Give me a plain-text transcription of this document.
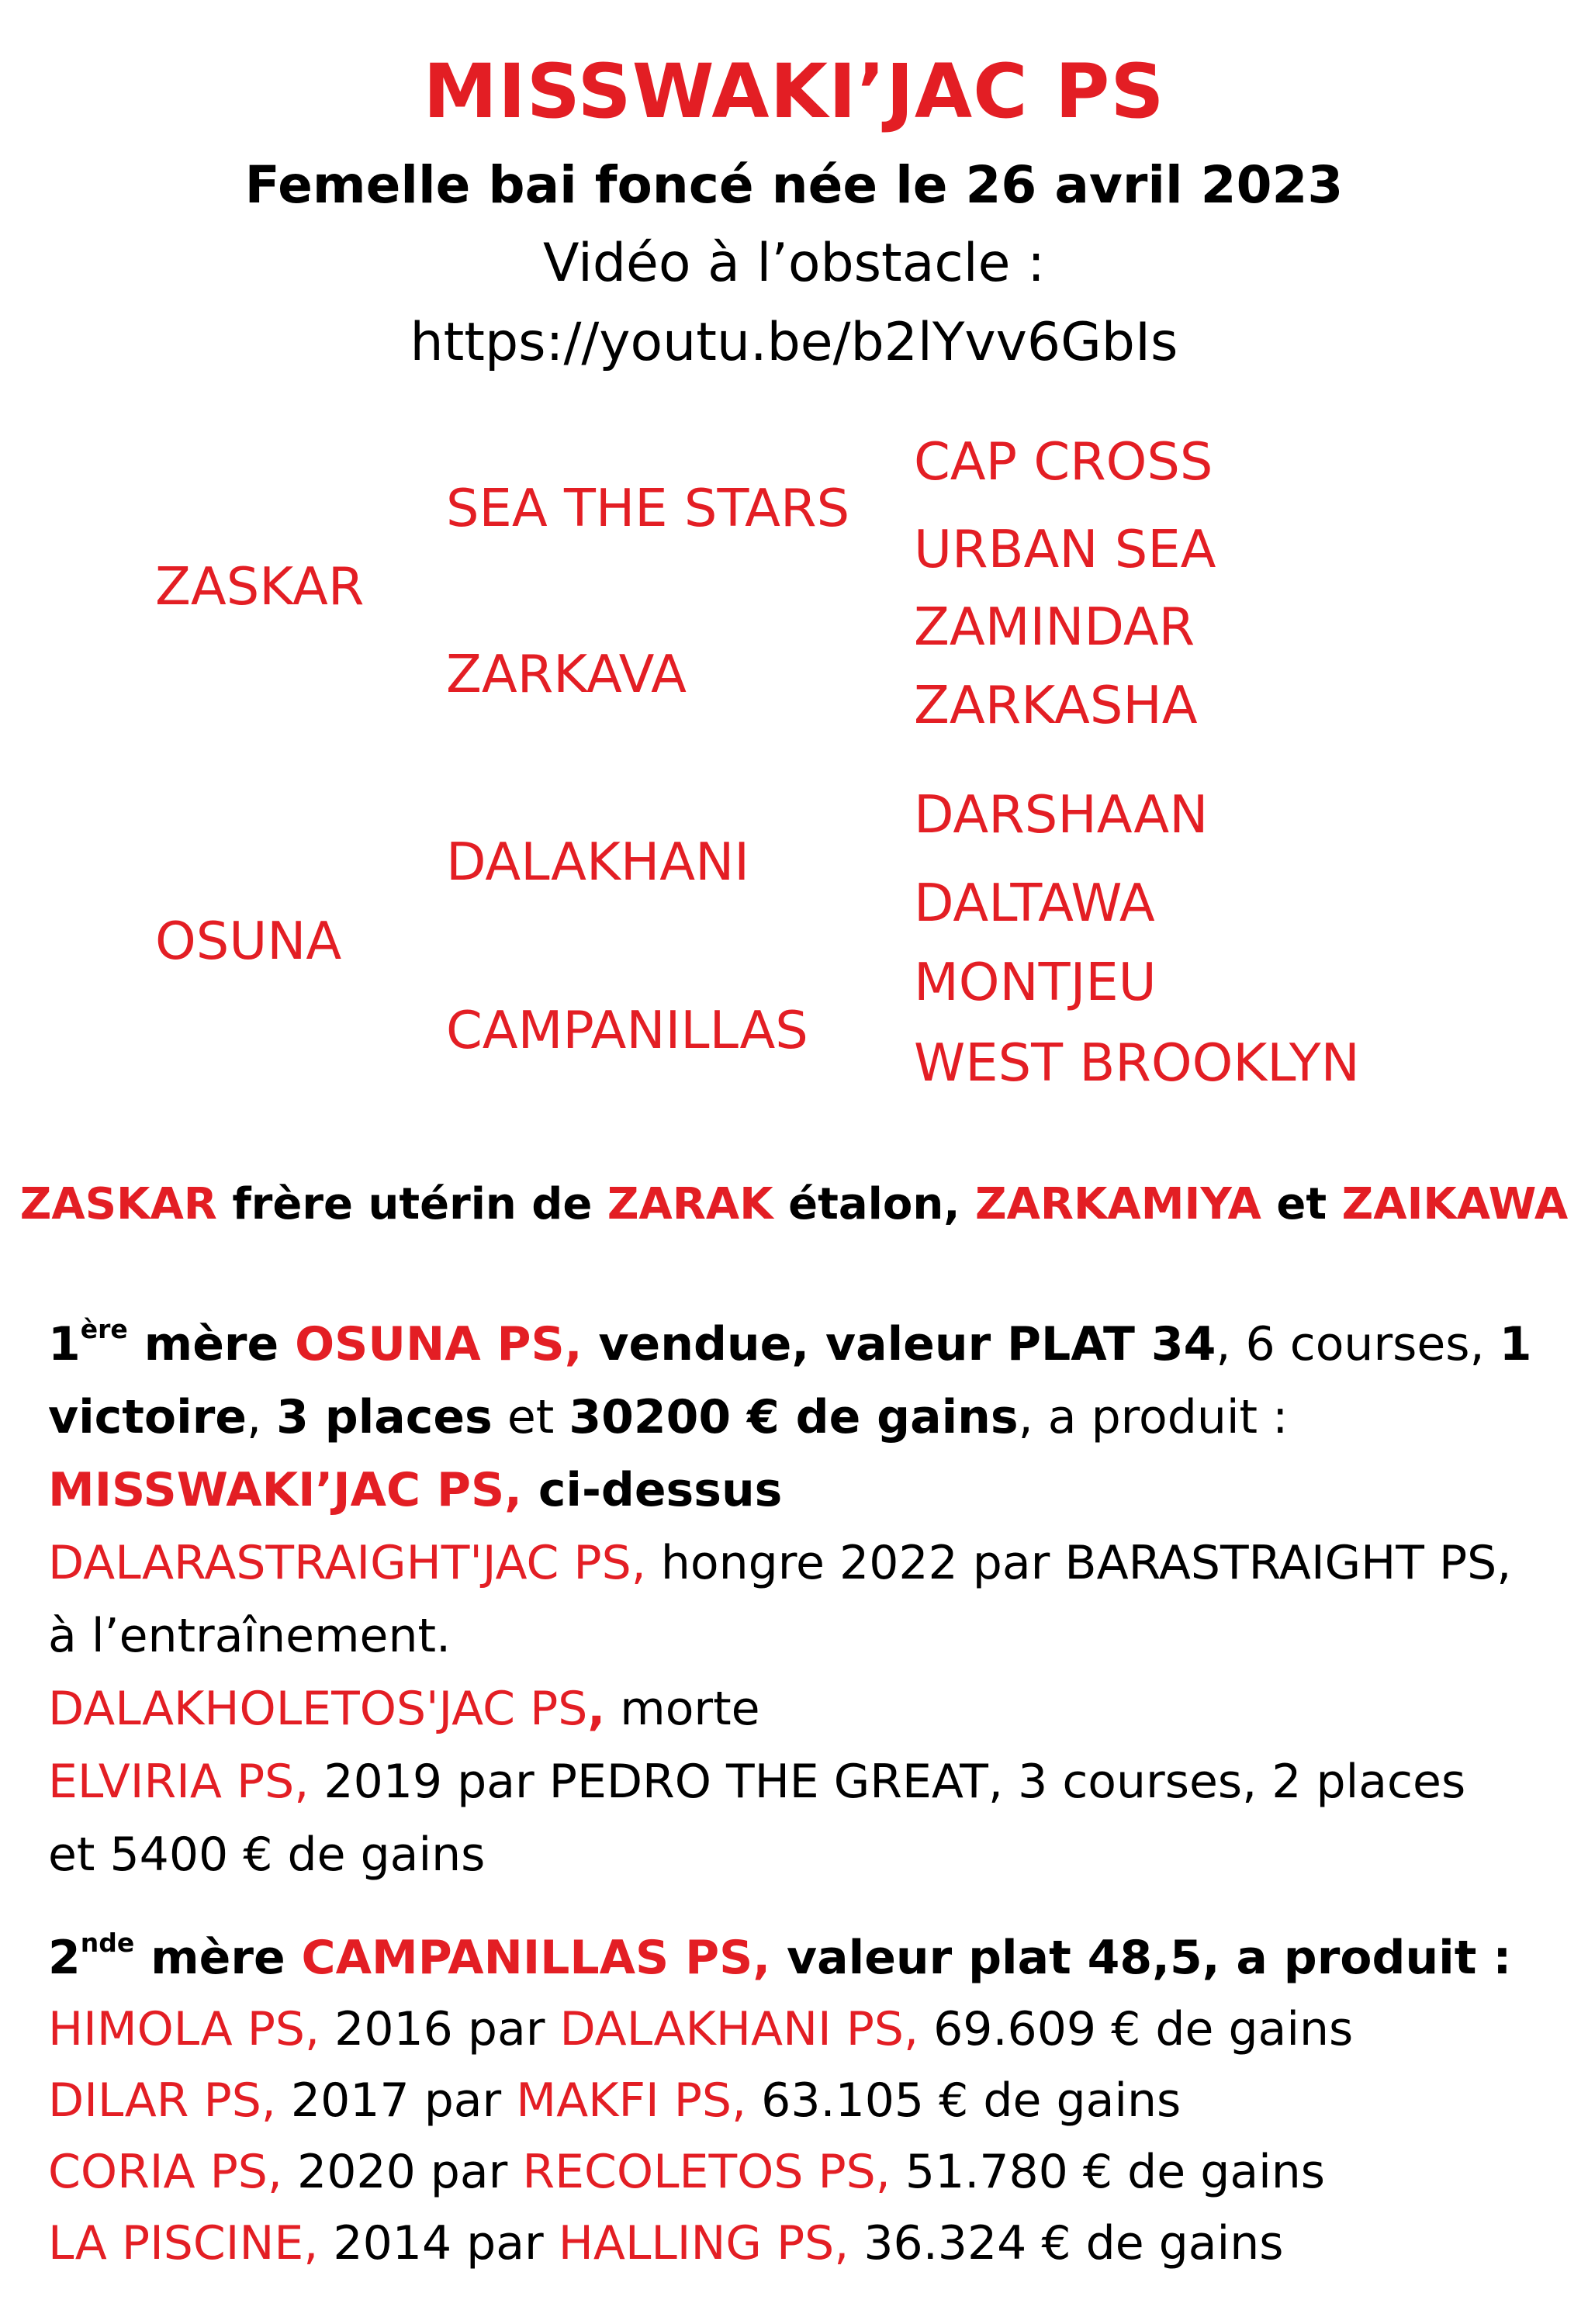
MISSWAKI’JAC PS
Femelle bai foncé née le 26 avril 2023
Vidéo à l’obstacle :
https://youtu.be/b2lYvv6GbIs
ZASKAR
SEA THE STARS
CAP CROSS
URBAN SEA
ZARKAVA
ZAMINDAR
ZARKASHA
OSUNA
DALAKHANI
DARSHAAN
DALTAWA
CAMPANILLAS
MONTJEU
WEST BROOKLYN
ZASKAR frère utérin de ZARAK étalon, ZARKAMIYA et ZAIKAWA
1ère mère OSUNA PS, vendue, valeur PLAT 34, 6 courses, 1
victoire, 3 places et 30200 € de gains, a produit :
MISSWAKI’JAC PS, ci-dessus
DALARASTRAIGHT'JAC PS, hongre 2022 par BARASTRAIGHT PS,
à l’entraînement.
DALAKHOLETOS'JAC PS, morte
ELVIRIA PS, 2019 par PEDRO THE GREAT, 3 courses, 2 places
et 5400 € de gains
2nde mère CAMPANILLAS PS, valeur plat 48,5, a produit :
HIMOLA PS, 2016 par DALAKHANI PS, 69.609 € de gains
DILAR PS, 2017 par MAKFI PS, 63.105 € de gains
CORIA PS, 2020 par RECOLETOS PS, 51.780 € de gains
LA PISCINE, 2014 par HALLING PS, 36.324 € de gains
